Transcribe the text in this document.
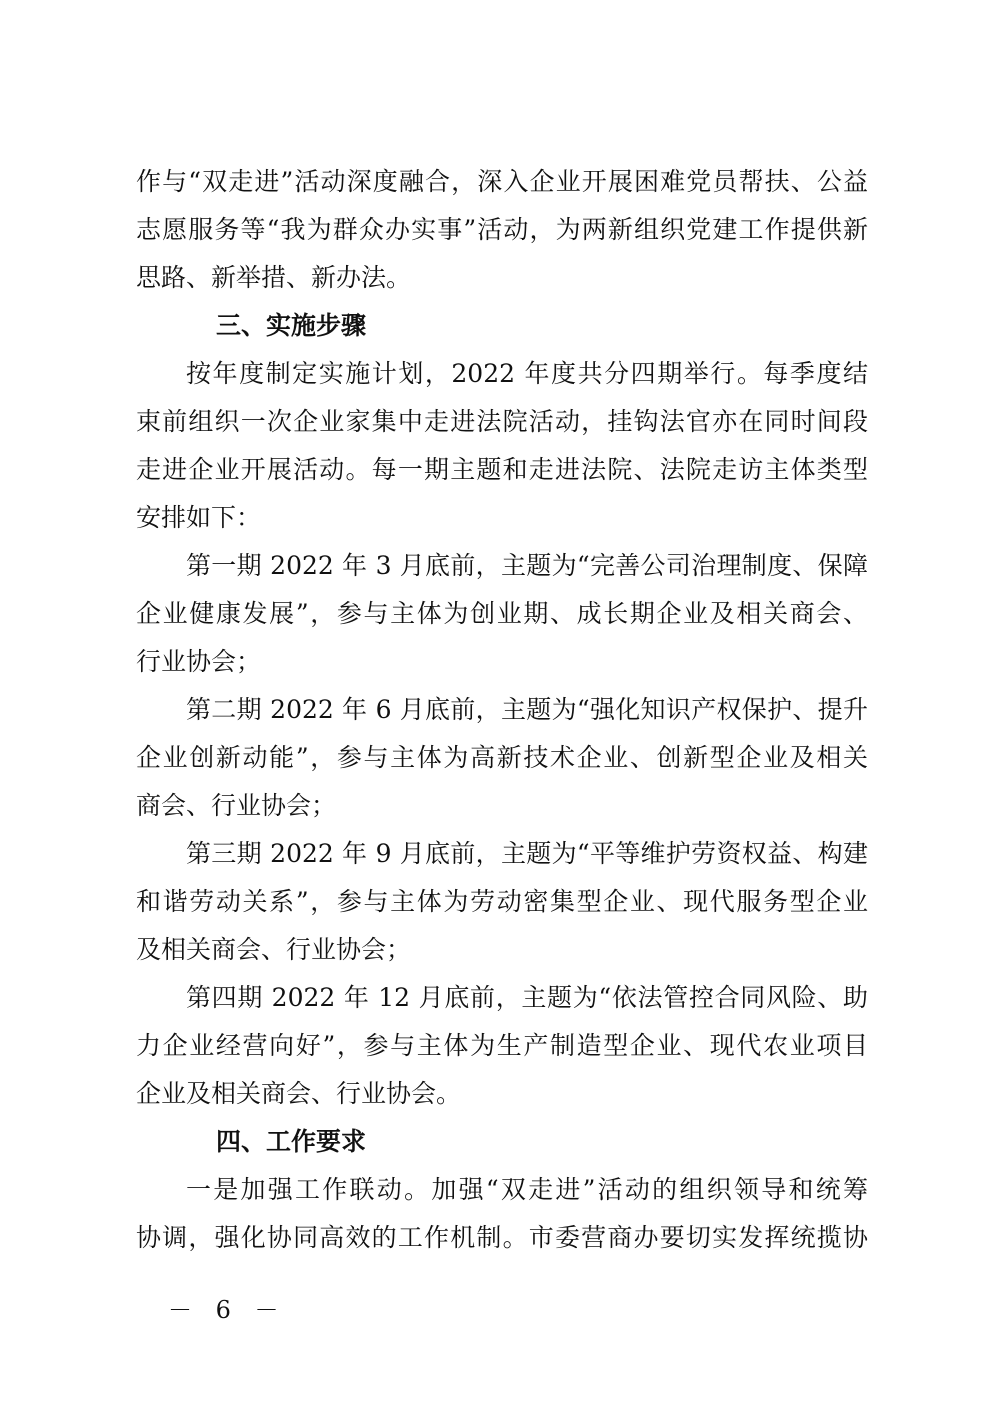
作与“双走进”活动深度融合，深入企业开展困难党员帮扶、公益
志愿服务等“我为群众办实事”活动，为两新组织党建工作提供新
思路、新举措、新办法。
三、实施步骤
按年度制定实施计划，2022 年度共分四期举行。每季度结
束前组织一次企业家集中走进法院活动，挂钩法官亦在同时间段
走进企业开展活动。每一期主题和走进法院、法院走访主体类型
安排如下：
第一期 2022 年 3 月底前，主题为“完善公司治理制度、保障
企业健康发展”，参与主体为创业期、成长期企业及相关商会、
行业协会；
第二期 2022 年 6 月底前，主题为“强化知识产权保护、提升
企业创新动能”，参与主体为高新技术企业、创新型企业及相关
商会、行业协会；
第三期 2022 年 9 月底前，主题为“平等维护劳资权益、构建
和谐劳动关系”，参与主体为劳动密集型企业、现代服务型企业
及相关商会、行业协会；
第四期 2022 年 12 月底前，主题为“依法管控合同风险、助
力企业经营向好”，参与主体为生产制造型企业、现代农业项目
企业及相关商会、行业协会。
四、工作要求
一是加强工作联动。加强“双走进”活动的组织领导和统筹
协调，强化协同高效的工作机制。市委营商办要切实发挥统揽协
－ 6 －
